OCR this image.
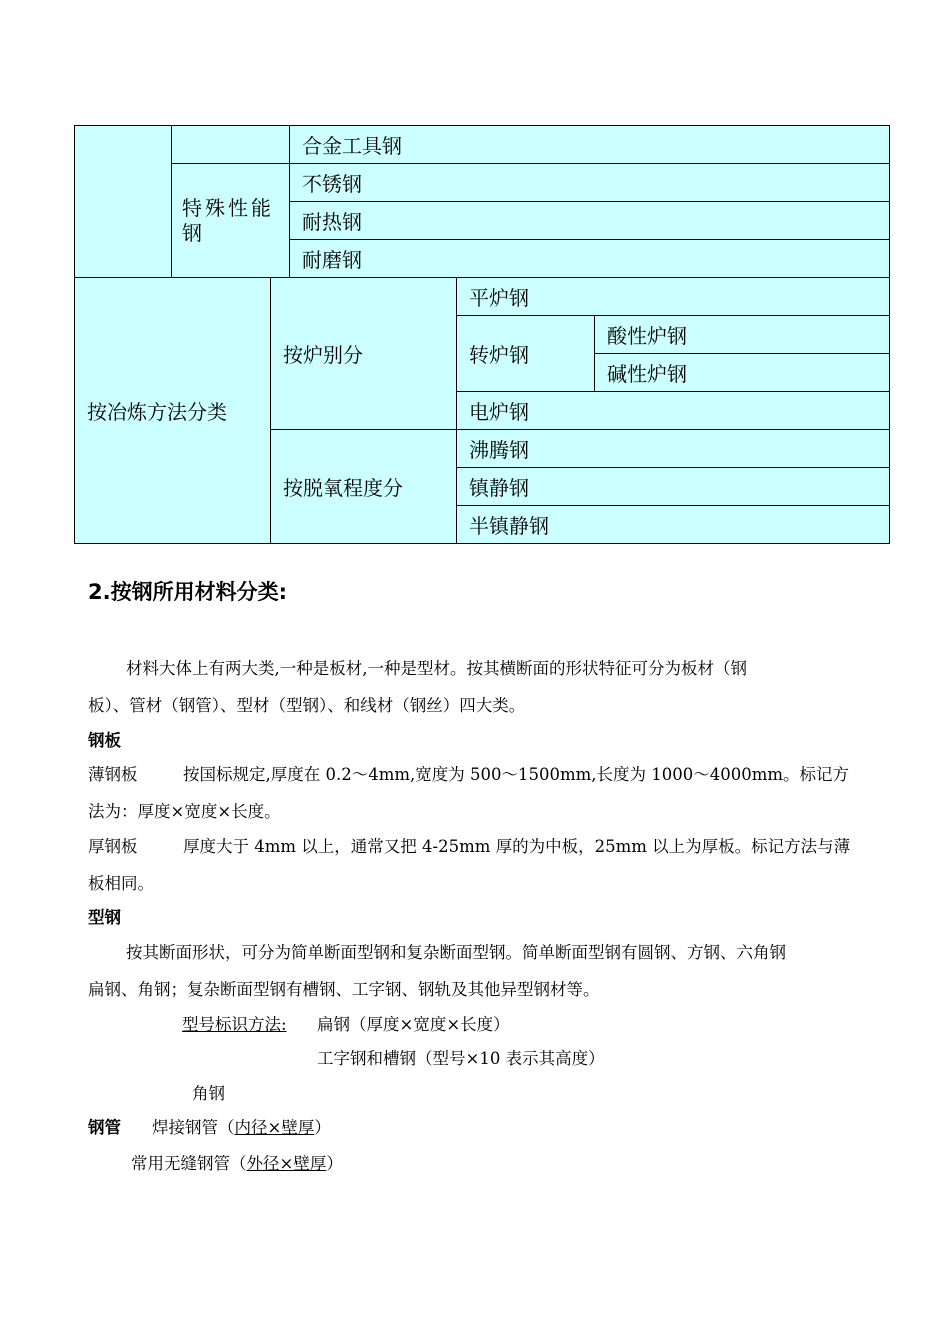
合金工具钢
特殊性能钢
不锈钢
耐热钢
耐磨钢
按冶炼方法分类
按炉别分
平炉钢
转炉钢
酸性炉钢
碱性炉钢
电炉钢
按脱氧程度分
沸腾钢
镇静钢
半镇静钢
2.按钢所用材料分类:
材料大体上有两大类,一种是板材,一种是型材。按其横断面的形状特征可分为板材（钢
板）、管材（钢管）、型材（型钢）、和线材（钢丝）四大类。
钢板
薄钢板	按国标规定,厚度在 0.2～4mm,宽度为 500～1500mm,长度为 1000～4000mm。标记方
法为：厚度×宽度×长度。
厚钢板	厚度大于 4mm 以上，通常又把 4-25mm 厚的为中板，25mm 以上为厚板。标记方法与薄
板相同。
型钢
按其断面形状，可分为简单断面型钢和复杂断面型钢。简单断面型钢有圆钢、方钢、六角钢
扁钢、角钢；复杂断面型钢有槽钢、工字钢、钢轨及其他异型钢材等。
型号标识方法: 扁钢（厚度×宽度×长度）
工字钢和槽钢（型号×10 表示其高度）
角钢
钢管 焊接钢管（内径×壁厚）
常用无缝钢管（外径×壁厚）
